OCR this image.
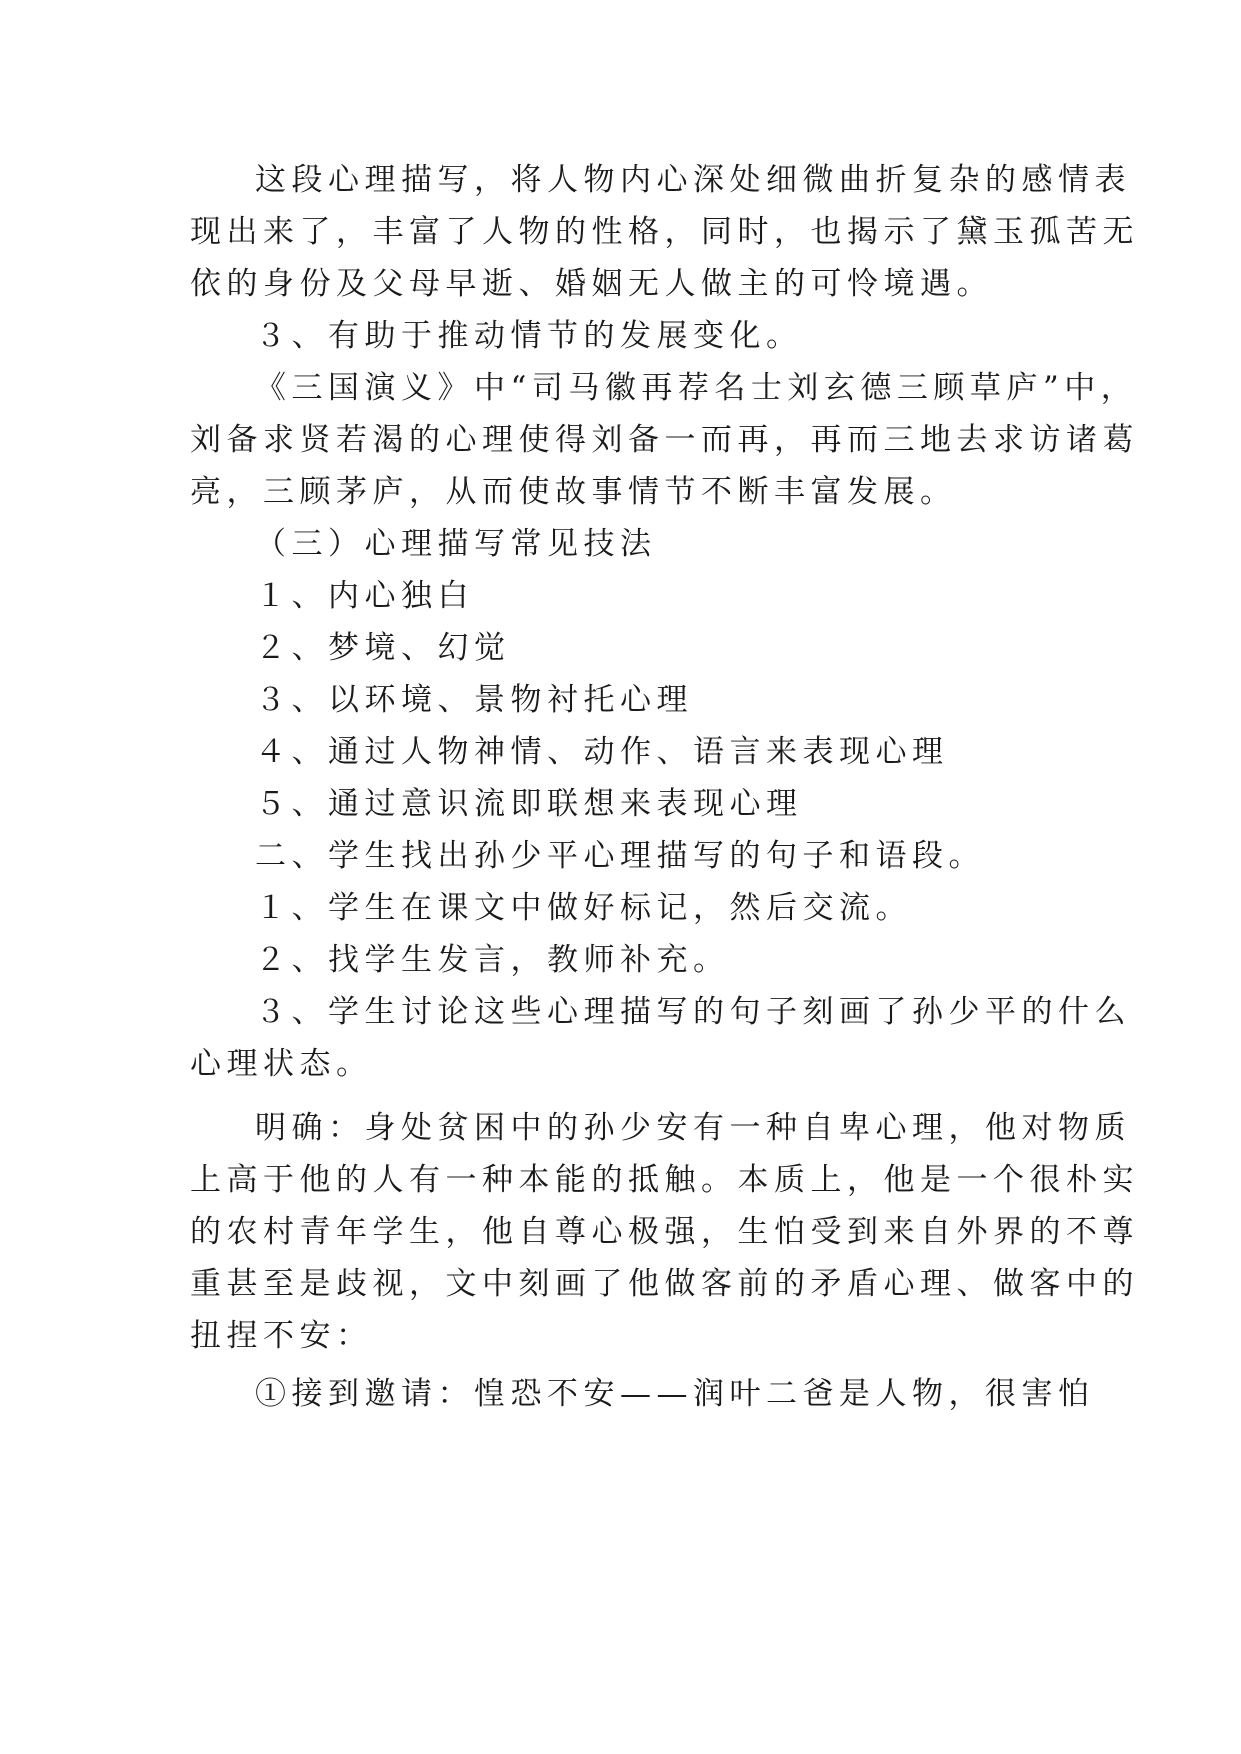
这段心理描写，将人物内心深处细微曲折复杂的感情表
现出来了，丰富了人物的性格，同时，也揭示了黛玉孤苦无
依的身份及父母早逝、婚姻无人做主的可怜境遇。
３、有助于推动情节的发展变化。
《三国演义》中“司马徽再荐名士刘玄德三顾草庐”中，
刘备求贤若渴的心理使得刘备一而再，再而三地去求访诸葛
亮，三顾茅庐，从而使故事情节不断丰富发展。
（三）心理描写常见技法
１、内心独白
２、梦境、幻觉
３、以环境、景物衬托心理
４、通过人物神情、动作、语言来表现心理
５、通过意识流即联想来表现心理
二、学生找出孙少平心理描写的句子和语段。
１、学生在课文中做好标记，然后交流。
２、找学生发言，教师补充。
３、学生讨论这些心理描写的句子刻画了孙少平的什么
心理状态。
明确：身处贫困中的孙少安有一种自卑心理，他对物质
上高于他的人有一种本能的抵触。本质上，他是一个很朴实
的农村青年学生，他自尊心极强，生怕受到来自外界的不尊
重甚至是歧视，文中刻画了他做客前的矛盾心理、做客中的
扭捏不安：
①接到邀请：惶恐不安——润叶二爸是人物，很害怕
